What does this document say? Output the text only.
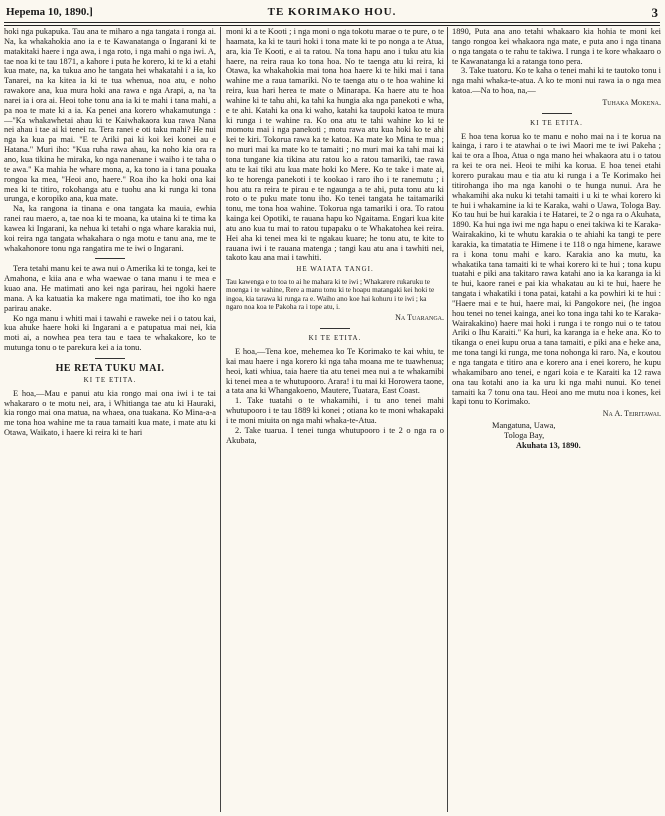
Hepema 10, 1890.]	TE KORIMAKO HOU.	3

hoki nga pukapuka. Tau ana te miharo a nga tangata i ronga ai. Na, ka whakahokia ano ia e te Kawanatanga o Ingarani ki te matakitaki haere i nga awa, i nga roto, i nga mahi o nga iwi. A, tae noa ki te tau 1871, a kahore i puta he korero, ki te ki a etahi kua mate, na, ka tukua ano he tangata hei whakatahi i a ia, ko Tanarei, na ka kitea ia ki te tua whenua, noa atu, e noho rawakore ana, kua mura hoki ana rawa e nga Arapi, a, na 'ta narei ia i ora ai. Heoi tohe tonu ana ia ki te mahi i tana mahi, a pa noa te mate ki a ia. Ka penei ana korero whakamutunga :—"Ka whakawhetai ahau ki te Kaiwhakaora kua rawa Nana nei ahau i tae ai ki tenei ra. Tera ranei e oti taku mahi? He nui nga ka kua pa mai. "E te Ariki pai ki koi kei konei au e Hatana." Muri iho: "Kua ruha rawa ahau, ka noho kia ora ra ano, kua tikina he miraka, ko nga nanenane i waiho i te taha o te awa." Ka mahia he whare mona, a, ka tono ia i tana pouaka rongoa ka mea, "Heoi ano, haere." Roa iho ka hoki ona kai mea ki te titiro, rokohanga atu e tuohu ana ki runga ki tona urunga, e koropiko ana, kua mate.

Na, ka rangona ia tinana e ona tangata ka mauia, ewhia ranei rau maero, a, tae noa ki te moana, ka utaina ki te tima ka kawea ki Ingarani, ka nehua ki tetahi o nga whare karakia nui, koi reira nga tangata whakahara o nga motu e tanu ana, me te whakahonore tonu nga rangatira me te iwi o Ingarani.

Tera tetahi manu kei te awa nui o Amerika ki te tonga, kei te Amahona, e kiia ana e wha waewae o tana manu i te mea e kuao ana. He matimati ano kei nga parirau, hei ngoki haere mana. A ka katuatia ka makere nga matimati, toe iho ko nga parirau anake.

Ko nga manu i whiti mai i tawahi e raweke nei i o tatou kai, kua ahuke haere hoki ki Ingarani a e patupatua mai nei, kia moti ai, a nowhea pea tera tau e taea te whakakore, ko te mutunga tonu o te parekura kei a ia tonu.

HE RETA TUKU MAI.
KI TE ETITA.

E hoa,—Mau e panui atu kia rongo mai ona iwi i te tai whakararo o te motu nei, ara, i Whitianga tae atu ki Hauraki, kia rongo mai ona matua, na whaea, ona tuakana. Ko Mina-a-a me tona hoa wahine me ta raua tamaiti kua mate, i mate atu ki Otawa, Waikato, i haere ki reira ki te hari

moni ki a te Kooti ; i nga moni o nga tokotu marae o te pure, o te haamata, ka ki te tauri hoki i tona mate ki te po nonga a te Atua, ara, kia Te Kooti, e ai ta ratou. Na tona hapu ano i tuku atu kia haere, na reira raua ko tona hoa. No te taenga atu ki reira, ki Otawa, ka whakahokia mai tona hoa haere ki te hiki mai i tana wahine me a raua tamariki. No te taenga atu o te hoa wahine ki reira, kua hari herea te mate o Minarapa. Ka haere atu te hoa wahine ki te tahu ahi, ka tahi ka hungia aka nga panekoti e wha, e te ahi. Katahi ka ona ki waho, katahi ka taupoki katoa te mura ki runga i te wahine ra. Ko ona atu te tahi wahine ko ki te momotu mai i nga panekoti ; motu rawa atu kua hoki ko te ahi kei te kiri. Tokorua rawa ka te katoa. Ka mate ko Mina te mua ; no muri mai ka mate ko te tamaiti ; no muri mai ka tahi mai ki tona tungane kia tikina atu ratou ko a ratou tamariki, tae rawa atu te kai tiki atu kua mate hoki ko Mere. Ko te take i mate ai, ko te horenga panekoti i te kookao i raro iho i te ranemutu ; i hou atu ra reira te pirau e te ngaunga a te ahi, puta tonu atu ki roto o te puku mate tonu iho. Ko tenei tangata he taitamariki tonu, me tona hoa wahine. Tokorua nga tamariki i ora. To ratou kainga kei Opotiki, te rauana hapu ko Ngaitama. Engari kua kite atu ano kua tu mai to ratou tupapaku o te Whakatohea kei reira. Hei aha ki tenei mea ki te ngakau kuare; he tonu atu, te kite to rauana iwi i te rauana matenga ; tangi kau atu ana i tawhiti nei, takoto kau ana mai i tawhiti.

HE WAIATA TANGI.

Tau kawenga e to toa to ai he mahara ki te iwi ; Whakarere rukaruku te moenga i te wahine, Rere a manu tonu ki te hoapu matangaki kei hoki te ingoa, kia tarawa ki runga ra e. Waiho ano koe hai kohuru i te iwi ; ka ngaro noa koa te Pakoha ra i tope atu, i.

Na Tuaranga.
KI TE ETITA.

E hoa,—Tena koe, mehemea ko Te Korimako te kai whiu, te kai mau haere i nga korero ki nga taha moana me te tuawhenua; heoi, kati whiua, taia haere tia atu tenei mea nui a te whakamibi ki tenei mea a te whutupooro. Arara! i tu mai ki Horowera taone, a tata ana ki Whangakoeno, Mautere, Tuatara, East Coast.

1. Take tuatahi o te whakamihi, i tu ano tenei mahi whutupooro i te tau 1889 ki konei ; otiana ko te moni whakapaki i te moni miuita on nga mahi whaka-te-Atua.

2. Take tuarua. I tenei tunga whutupooro i te 2 o nga ra o Akubata,

1890, Puta ana ano tetahi whakaaro kia hohia te moni kei tango rongoa kei whakaora nga mate, e puta ano i nga tinana o nga tangata o te rahu te takiwa. I runga i te kore whakaaro o te Kawanatanga ki a ratanga tono pera.

3. Take tuatoru. Ko te kaha o tenei mahi ki te tautoko tonu i nga mahi whaka-te-atua. A ko te moni nui rawa ia o nga mea katoa.—Na to hoa, na,—

Tuhaka Mokena.
KI TE ETITA.

E hoa tena korua ko te manu e noho mai na i te korua na kainga, i raro i te atawhai o te iwi Maori me te iwi Pakeha ; kai te ora a Ihoa, Atua o nga mano hei whakaora atu i o tatou ra kei te ora nei. Heoi te mihi ka korua. E hoa tenei etahi korero purakau mau e tia atu ki runga i a Te Korimako hei titirohanga iho ma nga kanohi o te hunga nunui. Ara he whakamihi aka nuku ki tetahi tamaiti i u ki te whai korero ki te hui i whakamine ia ki te Karaka, wahi o Uawa, Tologa Bay. Ko tau hui be hui karakia i te Hatarei, te 2 o nga ra o Akuhata, 1890. Ka hui nga iwi me nga hapu o enei takiwa ki te Karaka-Wairakakino, ki te whutu karakia o te ahiahi ka tangi te pere karakia, ka timatatia te Himene i te 118 o nga himene, karawe ra i kona tonu mahi e karo. Karakia ano ka mutu, ka whakatika tana tamaiti ki te whai korero ki te hui ; tona kupu tuatahi e piki ana takitaro rawa katahi ano ia ka karanga ia ki te hui, kaore ranei e pai kia whakatau au ki te hui, haere he tangata i whakatiki i tona patai, katahi a ka powhiri ki te hui : "Haere mai e te hui, haere mai, ki Pangokore nei, (he ingoa hou tenei no tenei kainga, anei ko tona inga tahi ko te Karaka-Wairakakino) haere mai hoki i runga i te rongo nui o te tatou Ariki o Ihu Karaiti." Ka huri, ka karanga ia e heke ana. Ko to tikanga o enei kupu orua a tana tamaiti, e piki ana e heke ana, me tona tangi ki runga, me tona nohonga ki raro. Na, e koutou e nga tangata e titiro ana e korero ana i enei korero, he kupu whakamibaro ano tenei, e ngari koia e te Karaiti ka 12 rawa ona tau kotahi ano ia ka uru ki nga mahi nunui. Ko tenei tamaiti ka 7 tonu ona tau. Heoi ano me mutu noa i kones, kei kapi tonu to Korimako.

Na A. Teiritawai.

Mangatuna, Uawa,

Tologa Bay,

Akuhata 13, 1890.
